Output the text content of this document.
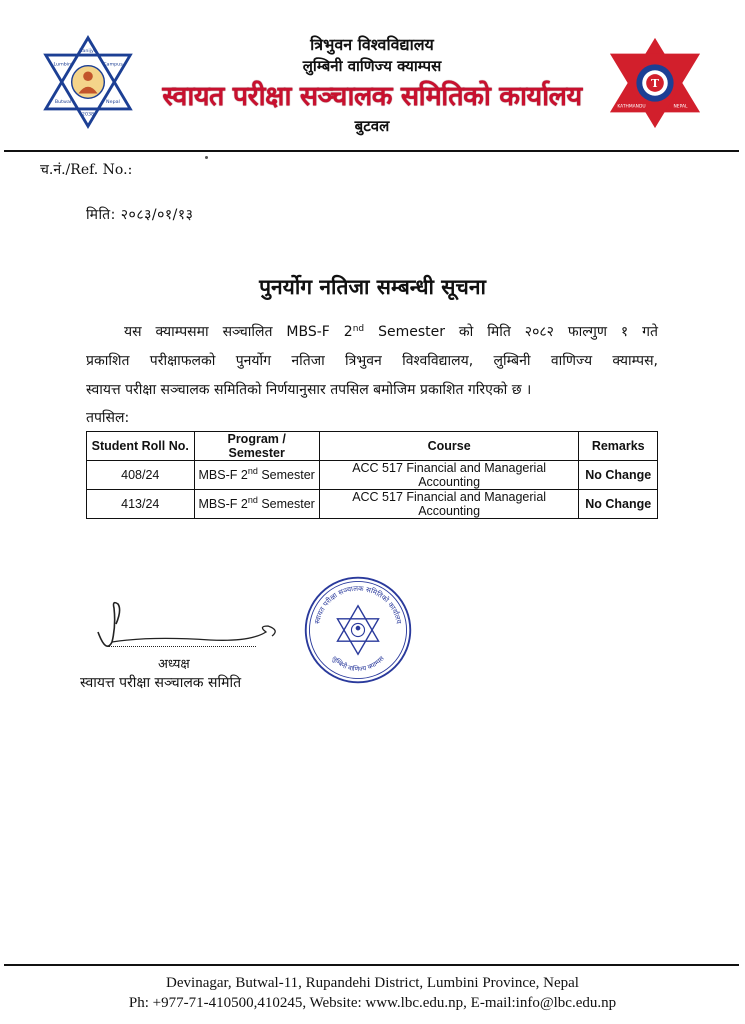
Banijya
Lumbini	Campus
Butwal	Nepal
2038
त्रिभुवन विश्वविद्यालय
लुम्बिनी वाणिज्य क्याम्पस
स्वायत परीक्षा सञ्चालक समितिको कार्यालय
बुटवल
T
KATHMANDU	NEPAL
च.नं./Ref. No.:
मिति: २०८३/०१/१३
पुनर्योग नतिजा सम्बन्धी सूचना
यस क्याम्पसमा सञ्चालित MBS-F 2nd Semester को मिति २०८२ फाल्गुण १ गते
प्रकाशित परीक्षाफलको पुनर्योग नतिजा त्रिभुवन विश्वविद्यालय, लुम्बिनी वाणिज्य क्याम्पस,
स्वायत्त परीक्षा सञ्चालक समितिको निर्णयानुसार तपसिल बमोजिम प्रकाशित गरिएको छ ।
तपसिल:
Student Roll No.	Program / Semester	Course	Remarks
408/24	MBS-F 2nd Semester	ACC 517 Financial and Managerial Accounting	No Change
413/24	MBS-F 2nd Semester	ACC 517 Financial and Managerial Accounting	No Change
अध्यक्ष
स्वायत्त परीक्षा सञ्चालक समिति
स्वायत परीक्षा सञ्चालक समितिको कार्यालय
लुम्बिनी वाणिज्य क्याम्पस
Devinagar, Butwal-11, Rupandehi District, Lumbini Province, Nepal
Ph: +977-71-410500,410245, Website: www.lbc.edu.np, E-mail:info@lbc.edu.np
